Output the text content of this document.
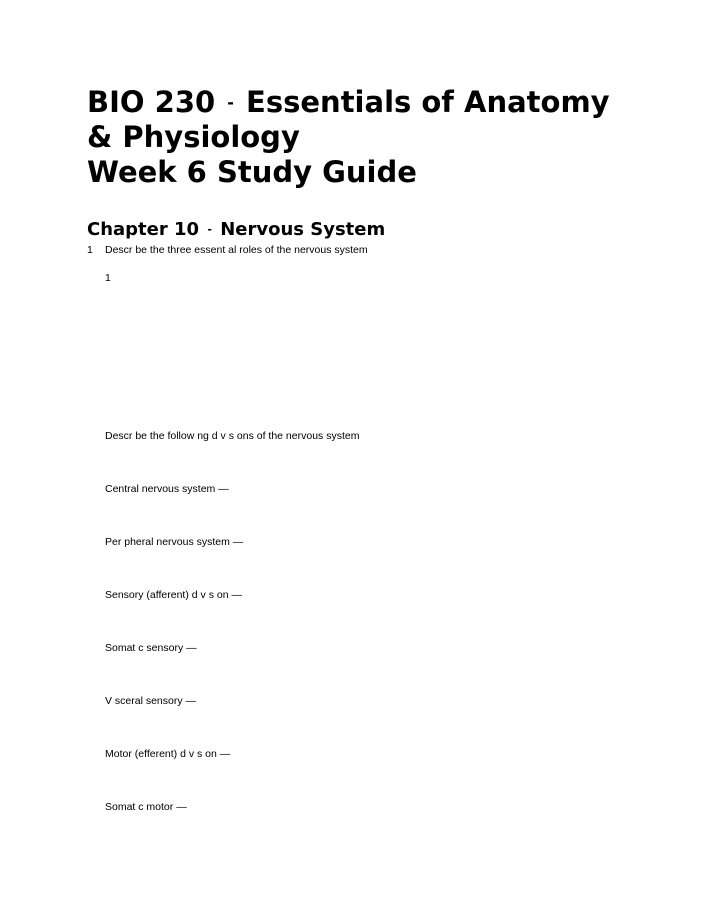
BIO 230 - Essentials of Anatomy
& Physiology
Week 6 Study Guide
Chapter 10 - Nervous System
1 Descr be the three essent al roles of the nervous system
1
Descr be the follow ng d v s ons of the nervous system
Central nervous system —
Per pheral nervous system —
Sensory (afferent) d v s on —
Somat c sensory —
V sceral sensory —
Motor (efferent) d v s on —
Somat c motor —
